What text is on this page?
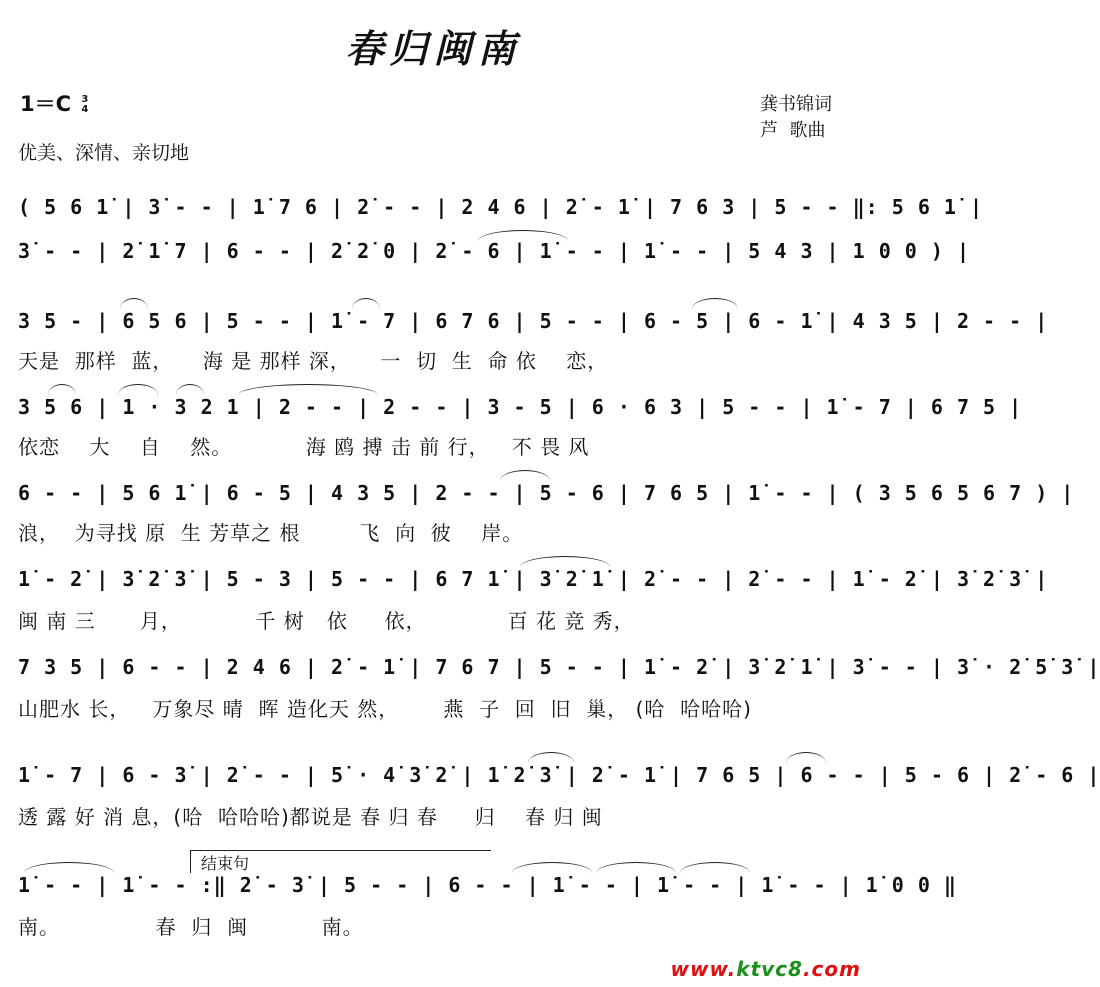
春归闽南
1＝C 3
4
优美、深情、亲切地
龚书锦词
芦  歌曲
( 5 6 1̇ | 3̇ - - | 1̇ 7 6 | 2̇ - - | 2 4 6 | 2̇ - 1̇ | 7 6 3 | 5 - - ‖: 5 6 1̇ |
3̇ - - | 2̇ 1̇ 7 | 6 - - | 2̇ 2̇ 0 | 2̇ - 6 | 1̇ - - | 1̇ - - | 5 4 3 | 1 0 0 ) |
3 5 - | 6 5 6 | 5 - - | 1̇ - 7 | 6 7 6 | 5 - - | 6 - 5 | 6 - 1̇ | 4 3 5 | 2 - - |
天是  那样  蓝，    海 是 那样 深，    一  切  生  命 依    恋，
3 5 6 | 1 · 3 2 1 | 2 - - | 2 - - | 3 - 5 | 6 · 6 3 | 5 - - | 1̇ - 7 | 6 7 5 |
依恋    大    自    然。          海 鸥 搏 击 前 行，   不 畏 风
6 - - | 5 6 1̇ | 6 - 5 | 4 3 5 | 2 - - | 5 - 6 | 7 6 5 | 1̇ - - | ( 3 5 6 5 6 7 ) |
浪，  为寻找 原  生 芳草之 根        飞  向  彼    岸。
1̇ - 2̇ | 3̇ 2̇ 3̇ | 5 - 3 | 5 - - | 6 7 1̇ | 3̇ 2̇ 1̇ | 2̇ - - | 2̇ - - | 1̇ - 2̇ | 3̇ 2̇ 3̇ |
闽 南 三      月，          千 树   依     依，           百 花 竞 秀，
7 3 5 | 6 - - | 2 4 6 | 2̇ - 1̇ | 7 6 7 | 5 - - | 1̇ - 2̇ | 3̇ 2̇ 1̇ | 3̇ - - | 3̇ · 2̇ 5̇ 3̇ |
山肥水 长，   万象尽 晴  晖 造化天 然，      燕  子  回  旧  巢， (哈  哈哈哈)
1̇ - 7 | 6 - 3̇ | 2̇ - - | 5̇ · 4̇ 3̇ 2̇ | 1̇ 2̇ 3̇ | 2̇ - 1̇ | 7 6 5 | 6 - - | 5 - 6 | 2̇ - 6 |
透 露 好 消 息，(哈  哈哈哈)都说是 春 归 春     归    春 归 闽
结束句
1̇ - - | 1̇ - - :‖ 2̇ - 3̇ | 5 - - | 6 - - | 1̇ - - | 1̇ - - | 1̇ - - | 1̇ 0 0 ‖
南。             春  归  闽          南。
www.ktvc8.com
